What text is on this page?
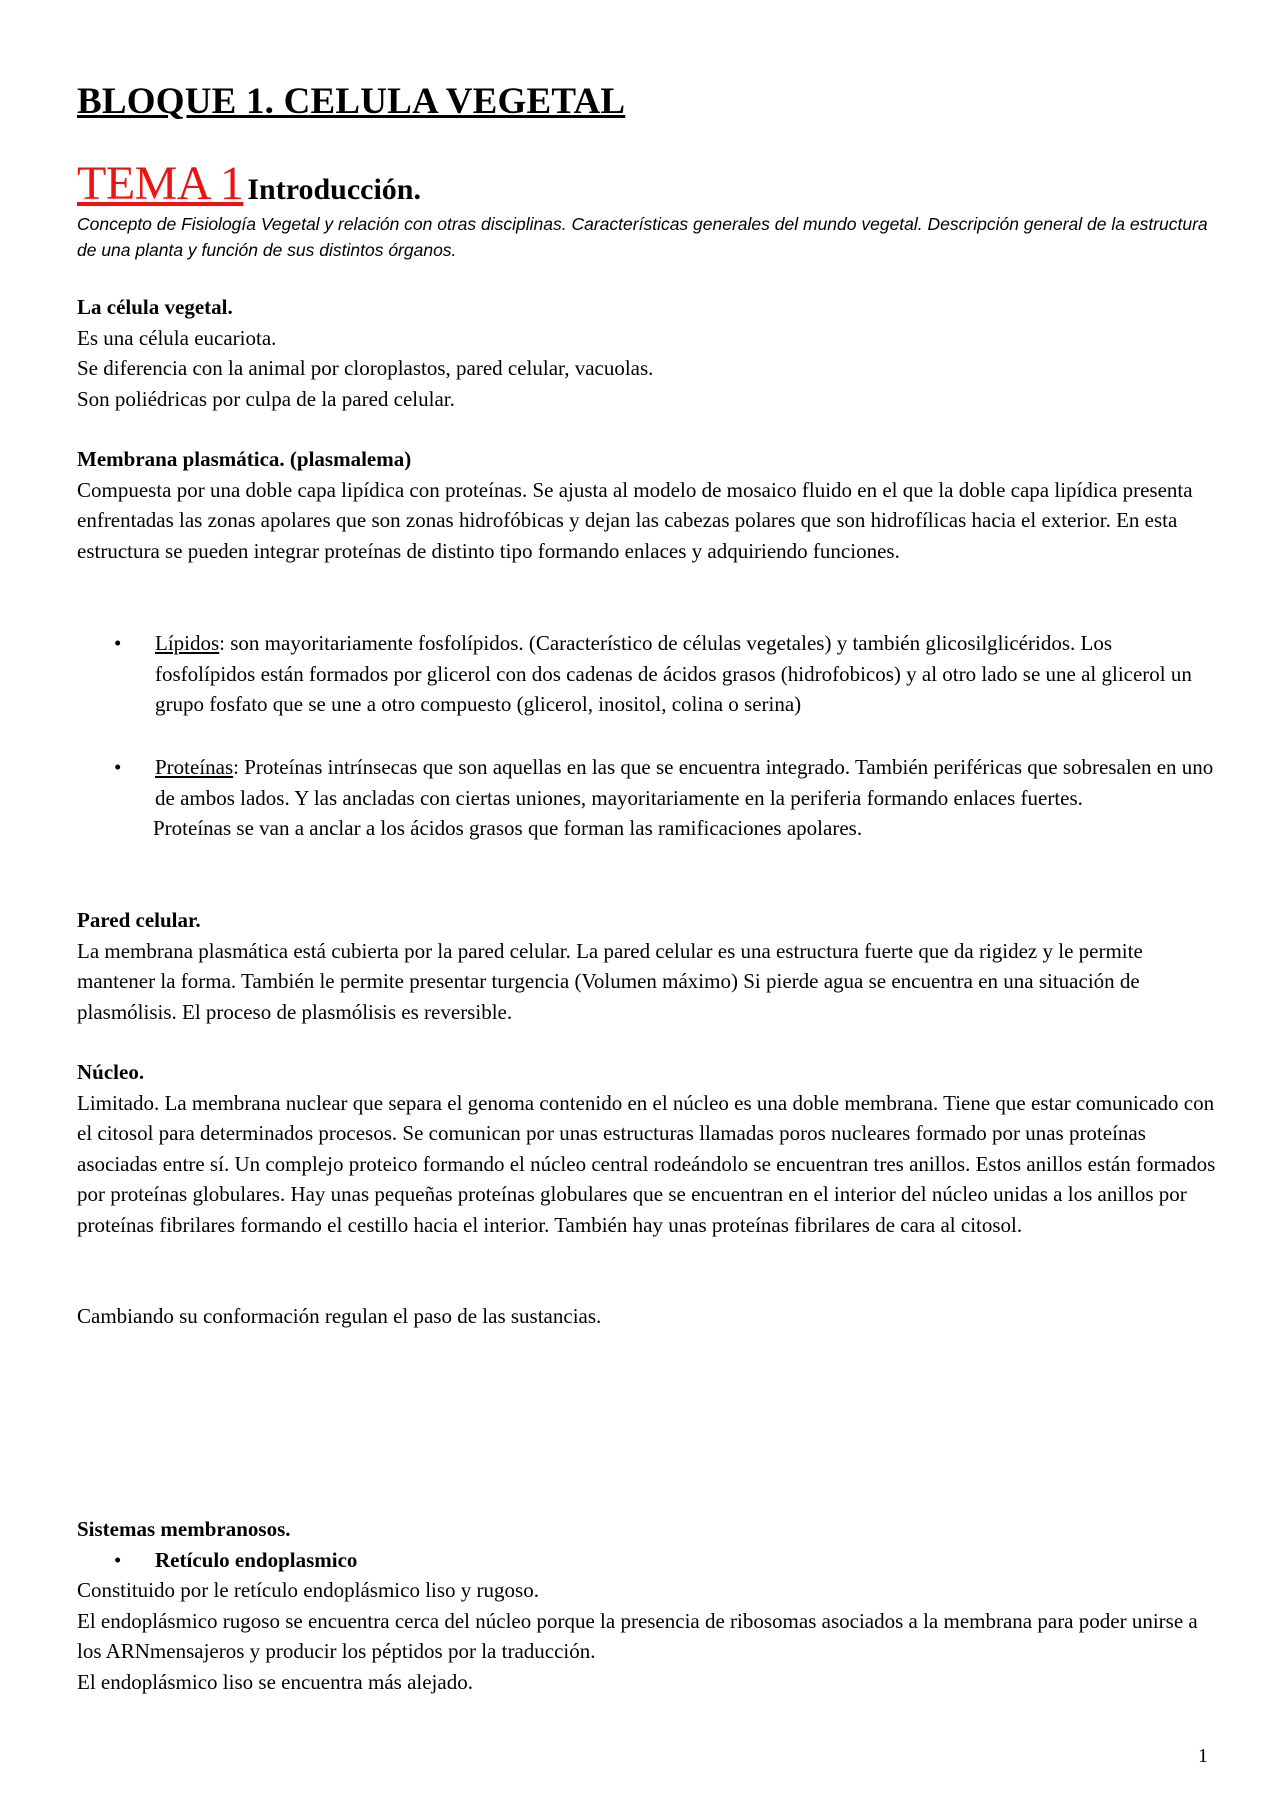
BLOQUE 1. CELULA VEGETAL
TEMA 1 Introducción.
Concepto de Fisiología Vegetal y relación con otras disciplinas. Características generales del mundo vegetal. Descripción general de la estructura de una planta y función de sus distintos órganos.

La célula vegetal.

Es una célula eucariota.

Se diferencia con la animal por cloroplastos, pared celular, vacuolas.

Son poliédricas por culpa de la pared celular.

Membrana plasmática. (plasmalema)

Compuesta por una doble capa lipídica con proteínas. Se ajusta al modelo de mosaico fluido en el que la doble capa lipídica presenta enfrentadas las zonas apolares que son zonas hidrofóbicas y dejan las cabezas polares que son hidrofílicas hacia el exterior. En esta estructura se pueden integrar proteínas de distinto tipo formando enlaces y adquiriendo funciones.

• Lípidos: son mayoritariamente fosfolípidos. (Característico de células vegetales) y también glicosilglicéridos. Los fosfolípidos están formados por glicerol con dos cadenas de ácidos grasos (hidrofobicos) y al otro lado se une al glicerol un grupo fosfato que se une a otro compuesto (glicerol, inositol, colina o serina)

• Proteínas: Proteínas intrínsecas que son aquellas en las que se encuentra integrado. También periféricas que sobresalen en uno de ambos lados. Y las ancladas con ciertas uniones, mayoritariamente en la periferia formando enlaces fuertes.

Proteínas se van a anclar a los ácidos grasos que forman las ramificaciones apolares.

Pared celular.

La membrana plasmática está cubierta por la pared celular. La pared celular es una estructura fuerte que da rigidez y le permite mantener la forma. También le permite presentar turgencia (Volumen máximo) Si pierde agua se encuentra en una situación de plasmólisis. El proceso de plasmólisis es reversible.

Núcleo.

Limitado. La membrana nuclear que separa el genoma contenido en el núcleo es una doble membrana. Tiene que estar comunicado con el citosol para determinados procesos. Se comunican por unas estructuras llamadas poros nucleares formado por unas proteínas asociadas entre sí. Un complejo proteico formando el núcleo central rodeándolo se encuentran tres anillos. Estos anillos están formados por proteínas globulares. Hay unas pequeñas proteínas globulares que se encuentran en el interior del núcleo unidas a los anillos por proteínas fibrilares formando el cestillo hacia el interior. También hay unas proteínas fibrilares de cara al citosol.

Cambiando su conformación regulan el paso de las sustancias.

Sistemas membranosos.

• Retículo endoplasmico

Constituido por le retículo endoplásmico liso y rugoso.

El endoplásmico rugoso se encuentra cerca del núcleo porque la presencia de ribosomas asociados a la membrana para poder unirse a los ARNmensajeros y producir los péptidos por la traducción.

El endoplásmico liso se encuentra más alejado.

1
